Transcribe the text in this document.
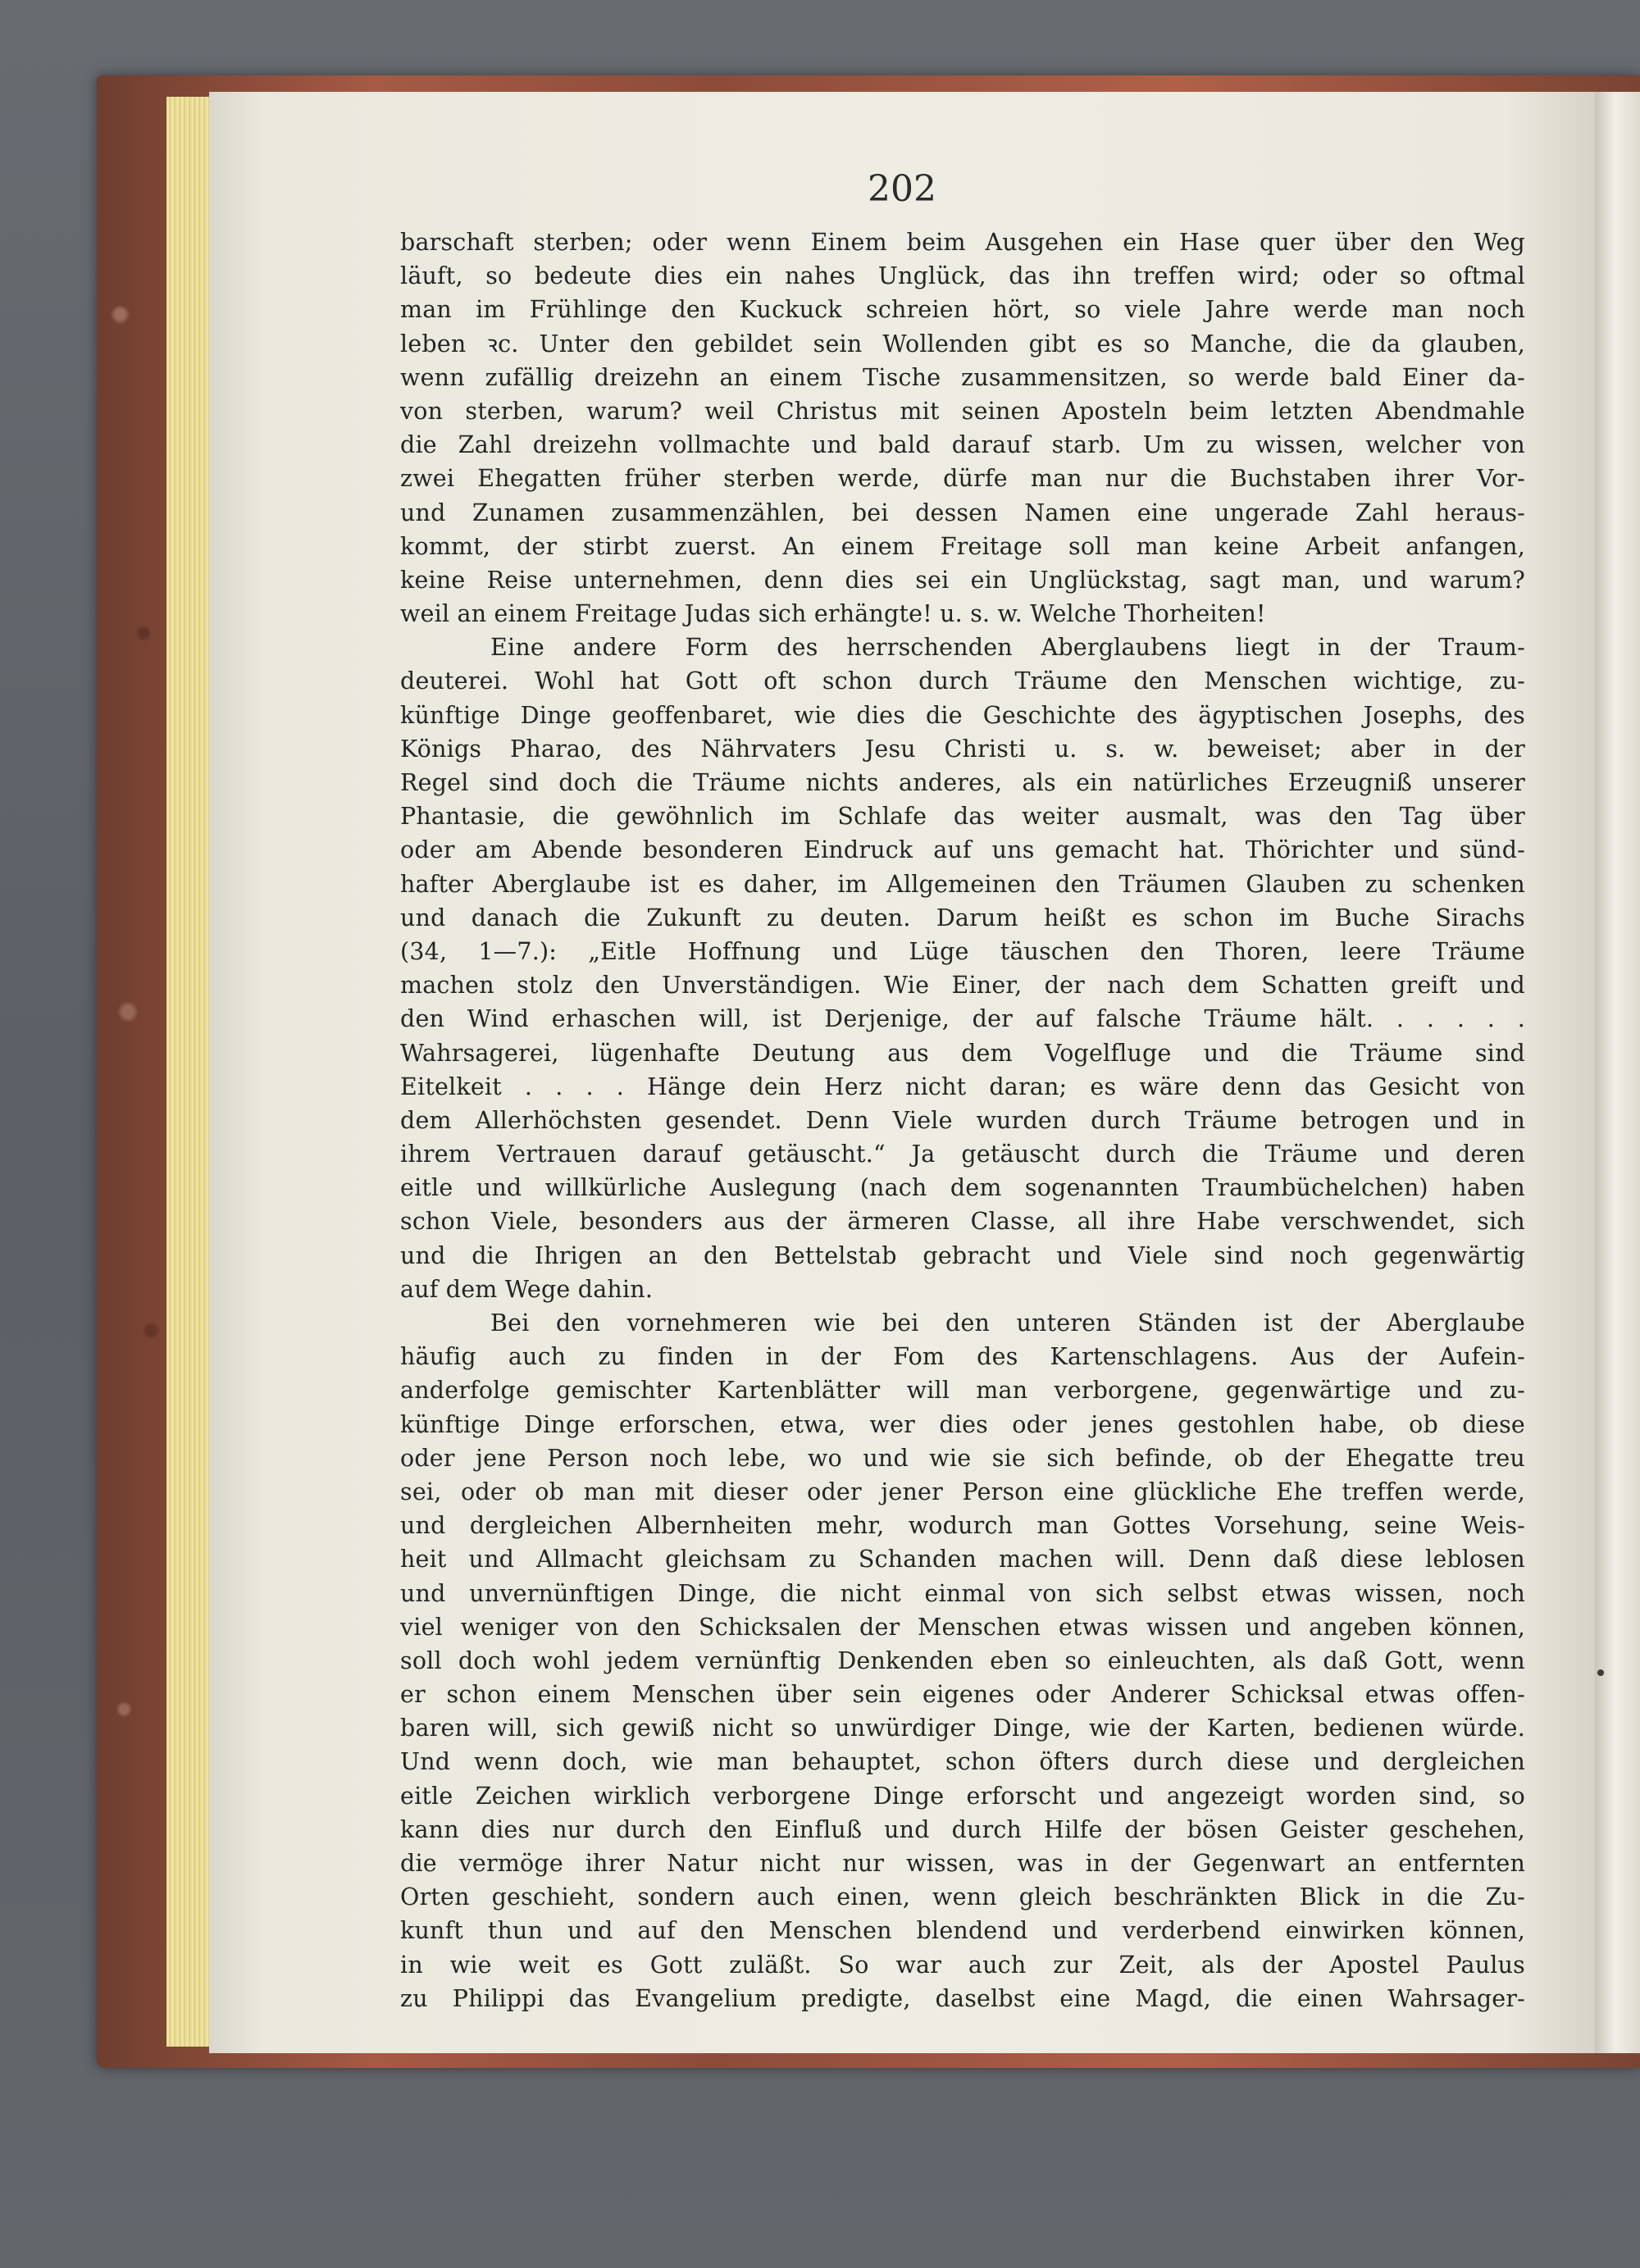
202
barschaft sterben; oder wenn Einem beim Ausgehen ein Hase quer über den Weg
läuft, so bedeute dies ein nahes Unglück, das ihn treffen wird; oder so oftmal
man im Frühlinge den Kuckuck schreien hört, so viele Jahre werde man noch
leben ꝛc. Unter den gebildet sein Wollenden gibt es so Manche, die da glauben,
wenn zufällig dreizehn an einem Tische zusammensitzen, so werde bald Einer da-
von sterben, warum? weil Christus mit seinen Aposteln beim letzten Abendmahle
die Zahl dreizehn vollmachte und bald darauf starb. Um zu wissen, welcher von
zwei Ehegatten früher sterben werde, dürfe man nur die Buchstaben ihrer Vor-
und Zunamen zusammenzählen, bei dessen Namen eine ungerade Zahl heraus-
kommt, der stirbt zuerst. An einem Freitage soll man keine Arbeit anfangen,
keine Reise unternehmen, denn dies sei ein Unglückstag, sagt man, und warum?
weil an einem Freitage Judas sich erhängte! u. s. w. Welche Thorheiten!
Eine andere Form des herrschenden Aberglaubens liegt in der Traum-
deuterei. Wohl hat Gott oft schon durch Träume den Menschen wichtige, zu-
künftige Dinge geoffenbaret, wie dies die Geschichte des ägyptischen Josephs, des
Königs Pharao, des Nährvaters Jesu Christi u. s. w. beweiset; aber in der
Regel sind doch die Träume nichts anderes, als ein natürliches Erzeugniß unserer
Phantasie, die gewöhnlich im Schlafe das weiter ausmalt, was den Tag über
oder am Abende besonderen Eindruck auf uns gemacht hat. Thörichter und sünd-
hafter Aberglaube ist es daher, im Allgemeinen den Träumen Glauben zu schenken
und danach die Zukunft zu deuten. Darum heißt es schon im Buche Sirachs
(34, 1—7.): „Eitle Hoffnung und Lüge täuschen den Thoren, leere Träume
machen stolz den Unverständigen. Wie Einer, der nach dem Schatten greift und
den Wind erhaschen will, ist Derjenige, der auf falsche Träume hält. . . . . .
Wahrsagerei, lügenhafte Deutung aus dem Vogelfluge und die Träume sind
Eitelkeit . . . . Hänge dein Herz nicht daran; es wäre denn das Gesicht von
dem Allerhöchsten gesendet. Denn Viele wurden durch Träume betrogen und in
ihrem Vertrauen darauf getäuscht.“ Ja getäuscht durch die Träume und deren
eitle und willkürliche Auslegung (nach dem sogenannten Traumbüchelchen) haben
schon Viele, besonders aus der ärmeren Classe, all ihre Habe verschwendet, sich
und die Ihrigen an den Bettelstab gebracht und Viele sind noch gegenwärtig
auf dem Wege dahin.
Bei den vornehmeren wie bei den unteren Ständen ist der Aberglaube
häufig auch zu finden in der Fom des Kartenschlagens. Aus der Aufein-
anderfolge gemischter Kartenblätter will man verborgene, gegenwärtige und zu-
künftige Dinge erforschen, etwa, wer dies oder jenes gestohlen habe, ob diese
oder jene Person noch lebe, wo und wie sie sich befinde, ob der Ehegatte treu
sei, oder ob man mit dieser oder jener Person eine glückliche Ehe treffen werde,
und dergleichen Albernheiten mehr, wodurch man Gottes Vorsehung, seine Weis-
heit und Allmacht gleichsam zu Schanden machen will. Denn daß diese leblosen
und unvernünftigen Dinge, die nicht einmal von sich selbst etwas wissen, noch
viel weniger von den Schicksalen der Menschen etwas wissen und angeben können,
soll doch wohl jedem vernünftig Denkenden eben so einleuchten, als daß Gott, wenn
er schon einem Menschen über sein eigenes oder Anderer Schicksal etwas offen-
baren will, sich gewiß nicht so unwürdiger Dinge, wie der Karten, bedienen würde.
Und wenn doch, wie man behauptet, schon öfters durch diese und dergleichen
eitle Zeichen wirklich verborgene Dinge erforscht und angezeigt worden sind, so
kann dies nur durch den Einfluß und durch Hilfe der bösen Geister geschehen,
die vermöge ihrer Natur nicht nur wissen, was in der Gegenwart an entfernten
Orten geschieht, sondern auch einen, wenn gleich beschränkten Blick in die Zu-
kunft thun und auf den Menschen blendend und verderbend einwirken können,
in wie weit es Gott zuläßt. So war auch zur Zeit, als der Apostel Paulus
zu Philippi das Evangelium predigte, daselbst eine Magd, die einen Wahrsager-
